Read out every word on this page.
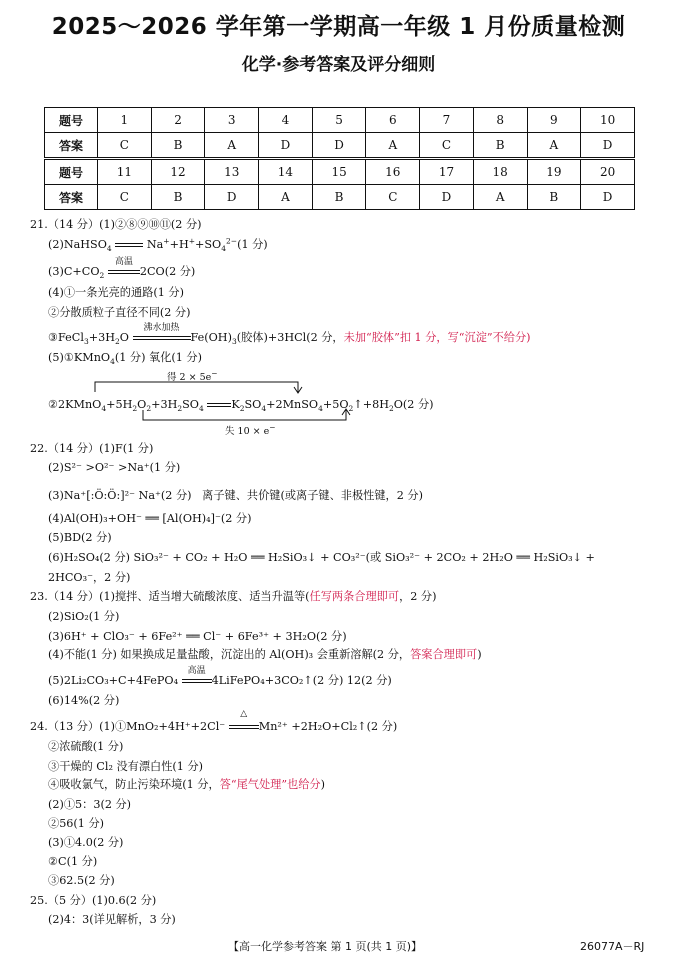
2025～2026 学年第一学期高一年级 1 月份质量检测
化学·参考答案及评分细则
题号	1	2	3	4	5	6	7	8	9	10
答案	C	B	A	D	D	A	C	B	A	D
题号	11	12	13	14	15	16	17	18	19	20
答案	C	B	D	A	B	C	D	A	B	D
21.（14 分）(1)②⑧⑨⑩⑪(2 分)
(2)NaHSO$_4$	$Na^++H^++SO_4^{2-}(1$ 分)
$(3)C+CO_2$
高温
2CO(2 分)
(4)①一条光亮的通路(1 分)
②分散质粒子直径不同(2 分)
$③FeCl_3+3H_2O$
沸水加热
$Fe(OH)_3$(胶体)+3HCl(2 分，未加“胶体”扣 1 分，写“沉淀”不给分)
(5)①KMnO$_4$(1 分) 氧化(1 分)
得 2 × 5e−
$②2KMnO_4+5H_2O_2+3H_2SO_4$ $K_2SO_4+2MnSO_4+5O_2↑+8H_2O(2$ 分)
失 10 × e−
22.（14 分）(1)F(1 分)
(2)S²⁻ >O²⁻ >Na⁺(1 分)
(3)Na⁺[:Ö:Ö:]²⁻ Na⁺(2 分) 离子键、共价键(或离子键、非极性键，2 分)
(4)Al(OH)₃+OH⁻ ══ [Al(OH)₄]⁻(2 分)
(5)BD(2 分)
(6)H₂SO₄(2 分) SiO₃²⁻ + CO₂ + H₂O ══ H₂SiO₃↓ + CO₃²⁻(或 SiO₃²⁻ + 2CO₂ + 2H₂O ══ H₂SiO₃↓ +
2HCO₃⁻，2 分)
23.（14 分）(1)搅拌、适当增大硫酸浓度、适当升温等(任写两条合理即可，2 分)
(2)SiO₂(1 分)
(3)6H⁺ + ClO₃⁻ + 6Fe²⁺ ══ Cl⁻ + 6Fe³⁺ + 3H₂O(2 分)
(4)不能(1 分) 如果换成足量盐酸，沉淀出的 Al(OH)₃ 会重新溶解(2 分，答案合理即可)
(5)2Li₂CO₃+C+4FePO₄
高温
4LiFePO₄+3CO₂↑(2 分) 12(2 分)
(6)14%(2 分)
24.（13 分）(1)①MnO₂+4H⁺+2Cl⁻
△
Mn²⁺ +2H₂O+Cl₂↑(2 分)
②浓硫酸(1 分)
③干燥的 Cl₂ 没有漂白性(1 分)
④吸收氯气，防止污染环境(1 分，答“尾气处理”也给分)
(2)①5：3(2 分)
②56(1 分)
(3)①4.0(2 分)
②C(1 分)
③62.5(2 分)
25.（5 分）(1)0.6(2 分)
(2)4：3(详见解析，3 分)
【高一化学参考答案 第 1 页(共 1 页)】	26077A－RJ
